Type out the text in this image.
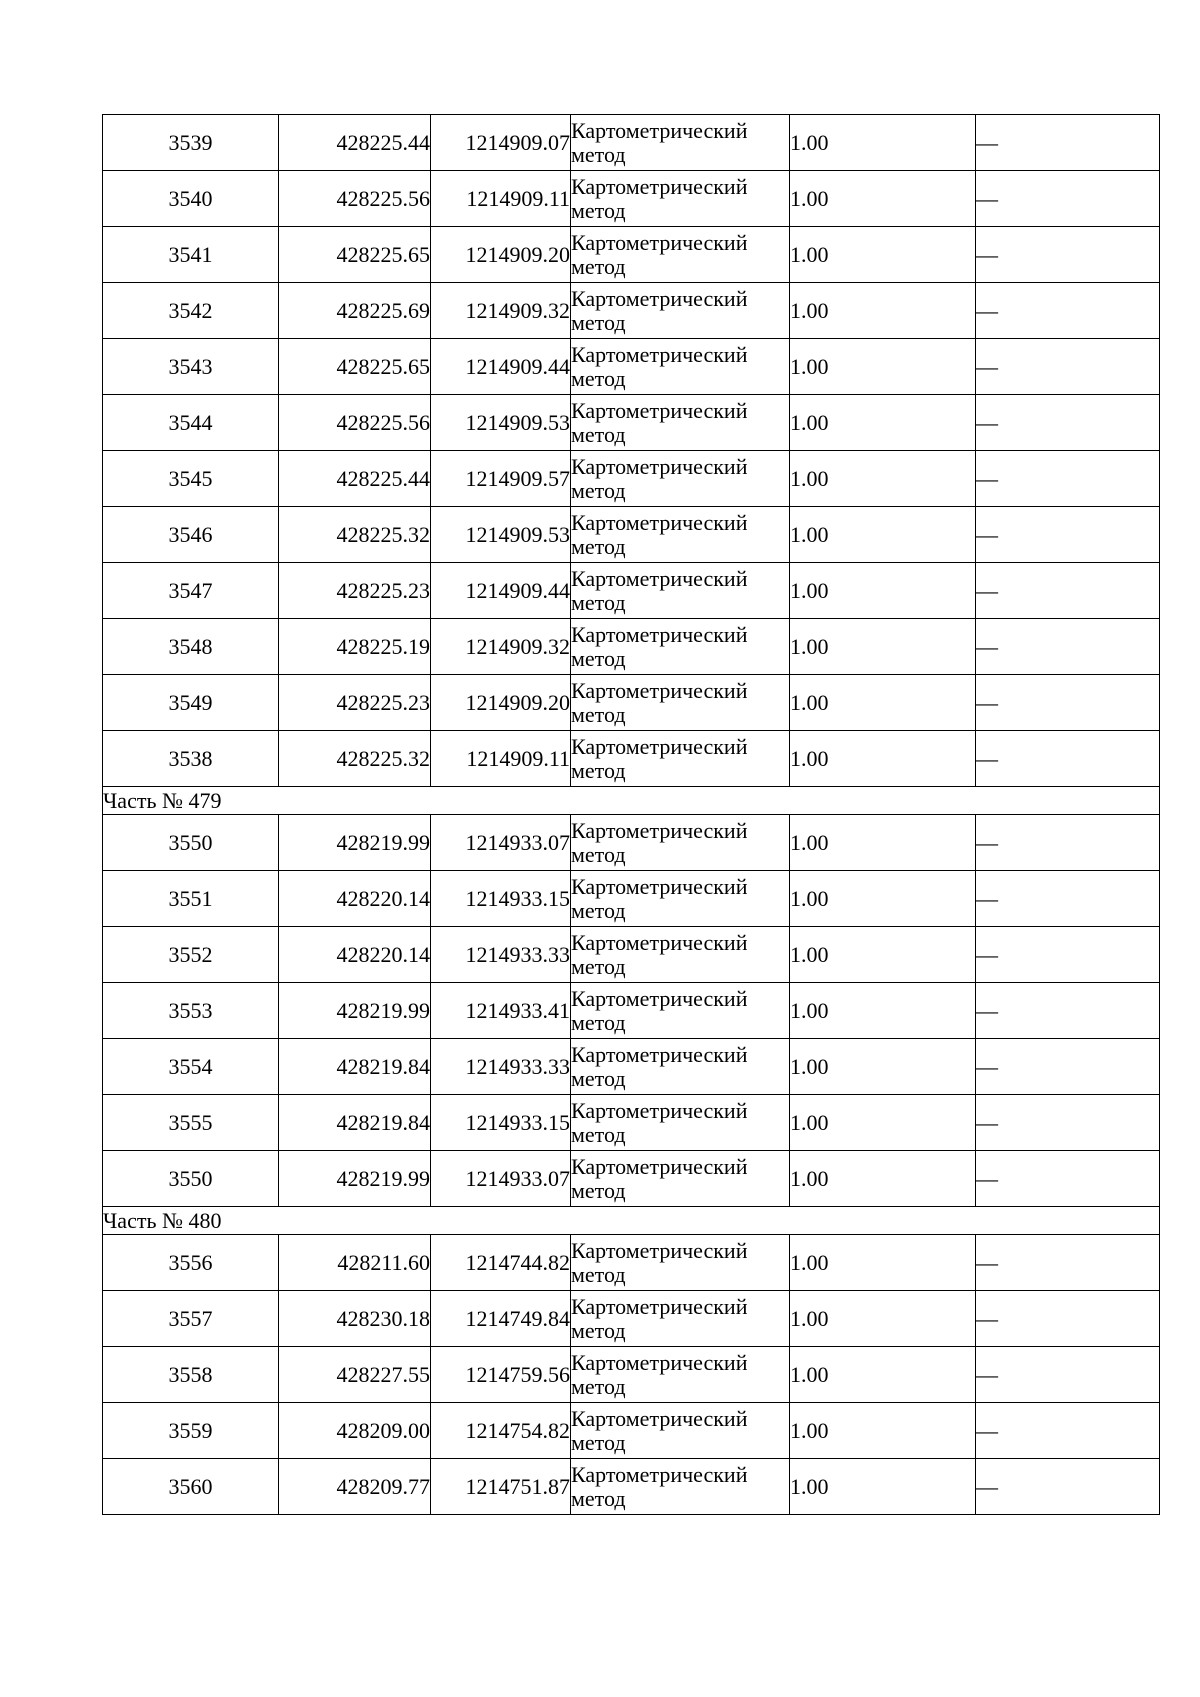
3539	428225.44	1214909.07	Картометрический
метод	1.00	—
3540	428225.56	1214909.11	Картометрический
метод	1.00	—
3541	428225.65	1214909.20	Картометрический
метод	1.00	—
3542	428225.69	1214909.32	Картометрический
метод	1.00	—
3543	428225.65	1214909.44	Картометрический
метод	1.00	—
3544	428225.56	1214909.53	Картометрический
метод	1.00	—
3545	428225.44	1214909.57	Картометрический
метод	1.00	—
3546	428225.32	1214909.53	Картометрический
метод	1.00	—
3547	428225.23	1214909.44	Картометрический
метод	1.00	—
3548	428225.19	1214909.32	Картометрический
метод	1.00	—
3549	428225.23	1214909.20	Картометрический
метод	1.00	—
3538	428225.32	1214909.11	Картометрический
метод	1.00	—
Часть № 479					
3550	428219.99	1214933.07	Картометрический
метод	1.00	—
3551	428220.14	1214933.15	Картометрический
метод	1.00	—
3552	428220.14	1214933.33	Картометрический
метод	1.00	—
3553	428219.99	1214933.41	Картометрический
метод	1.00	—
3554	428219.84	1214933.33	Картометрический
метод	1.00	—
3555	428219.84	1214933.15	Картометрический
метод	1.00	—
3550	428219.99	1214933.07	Картометрический
метод	1.00	—
Часть № 480					
3556	428211.60	1214744.82	Картометрический
метод	1.00	—
3557	428230.18	1214749.84	Картометрический
метод	1.00	—
3558	428227.55	1214759.56	Картометрический
метод	1.00	—
3559	428209.00	1214754.82	Картометрический
метод	1.00	—
3560	428209.77	1214751.87	Картометрический
метод	1.00	—
